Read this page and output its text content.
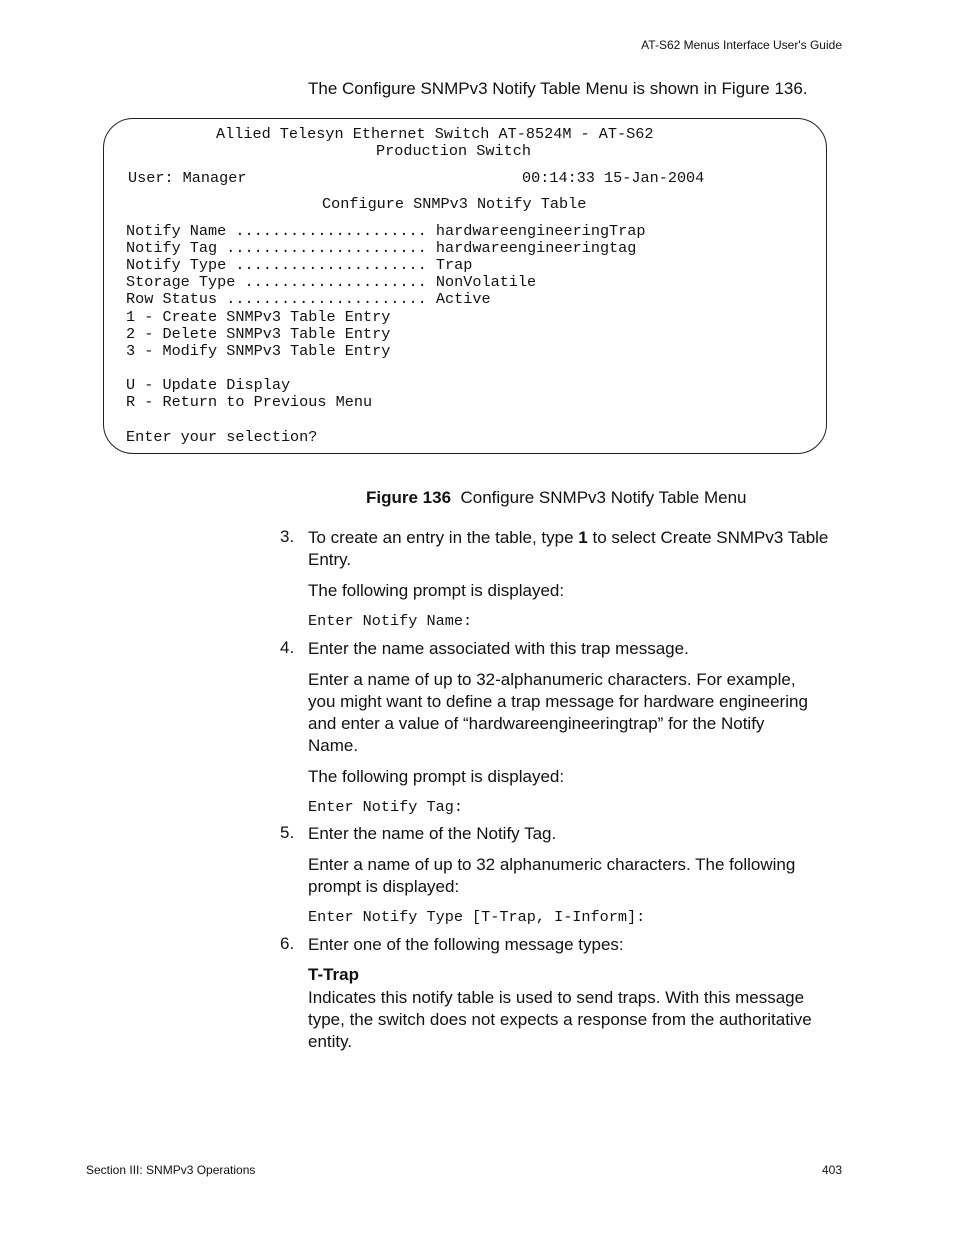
AT-S62 Menus Interface User's Guide
The Configure SNMPv3 Notify Table Menu is shown in Figure 136.
Allied Telesyn Ethernet Switch AT-8524M - AT-S62
Production Switch
User: Manager	00:14:33 15-Jan-2004
Configure SNMPv3 Notify Table
Notify Name ..................... hardwareengineeringTrap
Notify Tag ...................... hardwareengineeringtag
Notify Type ..................... Trap
Storage Type .................... NonVolatile
Row Status ...................... Active
1 - Create SNMPv3 Table Entry
2 - Delete SNMPv3 Table Entry
3 - Modify SNMPv3 Table Entry
U - Update Display
R - Return to Previous Menu
Enter your selection?
Figure 136 Configure SNMPv3 Notify Table Menu
3. To create an entry in the table, type 1 to select Create SNMPv3 Table Entry.
The following prompt is displayed:
Enter Notify Name:
4. Enter the name associated with this trap message.
Enter a name of up to 32-alphanumeric characters. For example, you might want to define a trap message for hardware engineering and enter a value of “hardwareengineeringtrap” for the Notify Name.
The following prompt is displayed:
Enter Notify Tag:
5. Enter the name of the Notify Tag.
Enter a name of up to 32 alphanumeric characters. The following prompt is displayed:
Enter Notify Type [T-Trap, I-Inform]:
6. Enter one of the following message types:
T-Trap
Indicates this notify table is used to send traps. With this message type, the switch does not expects a response from the authoritative entity.
Section III: SNMPv3 Operations	403
